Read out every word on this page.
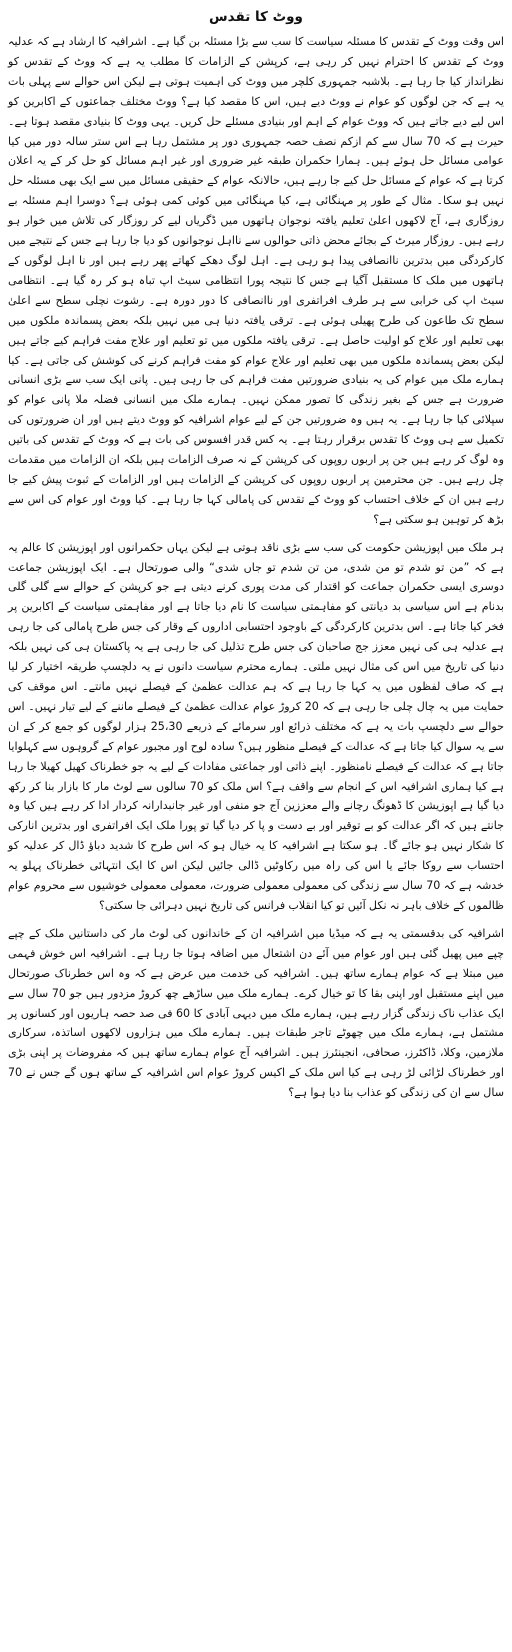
ووٹ کا تقدس

اس وقت ووٹ کے تقدس کا مسئلہ سیاست کا سب سے بڑا مسئلہ بن گیا ہے۔ اشرافیہ کا ارشاد ہے کہ عدلیہ ووٹ کے تقدس کا احترام نہیں کر رہی ہے، کرپشن کے الزامات کا مطلب یہ ہے کہ ووٹ کے تقدس کو نظرانداز کیا جا رہا ہے۔ بلاشبہ جمہوری کلچر میں ووٹ کی اہمیت ہوتی ہے لیکن اس حوالے سے پہلی بات یہ ہے کہ جن لوگوں کو عوام نے ووٹ دیے ہیں، اس کا مقصد کیا ہے؟ ووٹ مختلف جماعتوں کے اکابرین کو اس لیے دیے جاتے ہیں کہ ووٹ عوام کے اہم اور بنیادی مسئلے حل کریں۔ یہی ووٹ کا بنیادی مقصد ہوتا ہے۔ حیرت ہے کہ 70 سال سے کم ازکم نصف حصہ جمہوری دور پر مشتمل رہا ہے اس ستر سالہ دور میں کیا عوامی مسائل حل ہوئے ہیں۔ ہمارا حکمران طبقہ غیر ضروری اور غیر اہم مسائل کو حل کر کے یہ اعلان کرتا ہے کہ عوام کے مسائل حل کیے جا رہے ہیں، حالانکہ عوام کے حقیقی مسائل میں سے ایک بھی مسئلہ حل نہیں ہو سکا۔ مثال کے طور پر مہنگائی ہے، کیا مہنگائی میں کوئی کمی ہوئی ہے؟ دوسرا اہم مسئلہ بے روزگاری ہے، آج لاکھوں اعلیٰ تعلیم یافتہ نوجوان ہاتھوں میں ڈگریاں لیے کر روزگار کی تلاش میں خوار ہو رہے ہیں۔ روزگار میرٹ کے بجائے محض ذاتی حوالوں سے نااہل نوجوانوں کو دیا جا رہا ہے جس کے نتیجے میں کارکردگی میں بدترین ناانصافی پیدا ہو رہی ہے۔ اہل لوگ دھکے کھاتے پھر رہے ہیں اور نا اہل لوگوں کے ہاتھوں میں ملک کا مستقبل آگیا ہے جس کا نتیجہ پورا انتظامی سیٹ اپ تباہ ہو کر رہ گیا ہے۔ انتظامی سیٹ اپ کی خرابی سے ہر طرف افراتفری اور ناانصافی کا دور دورہ ہے۔ رشوت نچلی سطح سے اعلیٰ سطح تک طاعون کی طرح پھیلی ہوئی ہے۔ ترقی یافتہ دنیا ہی میں نہیں بلکہ بعض پسماندہ ملکوں میں بھی تعلیم اور علاج کو اولیت حاصل ہے۔ ترقی یافتہ ملکوں میں تو تعلیم اور علاج مفت فراہم کیے جاتے ہیں لیکن بعض پسماندہ ملکوں میں بھی تعلیم اور علاج عوام کو مفت فراہم کرنے کی کوشش کی جاتی ہے۔ کیا ہمارے ملک میں عوام کی یہ بنیادی ضرورتیں مفت فراہم کی جا رہی ہیں۔ پانی ایک سب سے بڑی انسانی ضرورت ہے جس کے بغیر زندگی کا تصور ممکن نہیں۔ ہمارے ملک میں انسانی فضلہ ملا پانی عوام کو سپلائی کیا جا رہا ہے۔ یہ ہیں وہ ضرورتیں جن کے لیے عوام اشرافیہ کو ووٹ دیتے ہیں اور ان ضرورتوں کی تکمیل سے ہی ووٹ کا تقدس برقرار رہتا ہے۔ یہ کس قدر افسوس کی بات ہے کہ ووٹ کے تقدس کی باتیں وہ لوگ کر رہے ہیں جن پر اربوں روپوں کی کرپشن کے نہ صرف الزامات ہیں بلکہ ان الزامات میں مقدمات چل رہے ہیں۔ جن محترمین پر اربوں روپوں کی کرپشن کے الزامات ہیں اور الزامات کے ثبوت پیش کیے جا رہے ہیں ان کے خلاف احتساب کو ووٹ کے تقدس کی پامالی کہا جا رہا ہے۔ کیا ووٹ اور عوام کی اس سے بڑھ کر توہین ہو سکتی ہے؟

ہر ملک میں اپوزیشن حکومت کی سب سے بڑی ناقد ہوتی ہے لیکن یہاں حکمرانوں اور اپوزیشن کا عالم یہ ہے کہ ”من تو شدم تو من شدی، من تن شدم تو جاں شدی“ والی صورتحال ہے۔ ایک اپوزیشن جماعت دوسری ایسی حکمران جماعت کو اقتدار کی مدت پوری کرنے دیتی ہے جو کرپشن کے حوالے سے گلی گلی بدنام ہے اس سیاسی بد دیانتی کو مفاہمتی سیاست کا نام دیا جاتا ہے اور مفاہمتی سیاست کے اکابرین پر فخر کیا جاتا ہے۔ اس بدترین کارکردگی کے باوجود احتسابی اداروں کے وقار کی جس طرح پامالی کی جا رہی ہے عدلیہ ہی کی نہیں معزز جج صاحبان کی جس طرح تذلیل کی جا رہی ہے یہ پاکستان ہی کی نہیں بلکہ دنیا کی تاریخ میں اس کی مثال نہیں ملتی۔ ہمارے محترم سیاست دانوں نے یہ دلچسپ طریقہ اختیار کر لیا ہے کہ صاف لفظوں میں یہ کہا جا رہا ہے کہ ہم عدالت عظمیٰ کے فیصلے نہیں مانتے۔ اس موقف کی حمایت میں یہ چال چلی جا رہی ہے کہ 20 کروڑ عوام عدالت عظمیٰ کے فیصلے ماننے کے لیے تیار نہیں۔ اس حوالے سے دلچسپ بات یہ ہے کہ مختلف ذرائع اور سرمائے کے ذریعے 25،30 ہزار لوگوں کو جمع کر کے ان سے یہ سوال کیا جاتا ہے کہ عدالت کے فیصلے منظور ہیں؟ سادہ لوح اور مجبور عوام کے گروہوں سے کہلوایا جاتا ہے کہ عدالت کے فیصلے نامنظور۔ اپنے ذاتی اور جماعتی مفادات کے لیے یہ جو خطرناک کھیل کھیلا جا رہا ہے کیا ہماری اشرافیہ اس کے انجام سے واقف ہے؟ اس ملک کو 70 سالوں سے لوٹ مار کا بازار بنا کر رکھ دیا گیا ہے اپوزیشن کا ڈھونگ رچانے والے معززین آج جو منفی اور غیر جانبدارانہ کردار ادا کر رہے ہیں کیا وہ جانتے ہیں کہ اگر عدالت کو بے توقیر اور بے دست و پا کر دیا گیا تو پورا ملک ایک افراتفری اور بدترین انارکی کا شکار نہیں ہو جائے گا۔ ہو سکتا ہے اشرافیہ کا یہ خیال ہو کہ اس طرح کا شدید دباؤ ڈال کر عدلیہ کو احتساب سے روکا جائے یا اس کی راہ میں رکاوٹیں ڈالی جائیں لیکن اس کا ایک انتہائی خطرناک پہلو یہ خدشہ ہے کہ 70 سال سے زندگی کی معمولی معمولی ضرورت، معمولی معمولی خوشیوں سے محروم عوام ظالموں کے خلاف باہر نہ نکل آئیں تو کیا انقلاب فرانس کی تاریخ نہیں دہرائی جا سکتی؟

اشرافیہ کی بدقسمتی یہ ہے کہ میڈیا میں اشرافیہ ان کے خاندانوں کی لوٹ مار کی داستانیں ملک کے چپے چپے میں پھیل گئی ہیں اور عوام میں آئے دن اشتعال میں اضافہ ہوتا جا رہا ہے۔ اشرافیہ اس خوش فہمی میں مبتلا ہے کہ عوام ہمارے ساتھ ہیں۔ اشرافیہ کی خدمت میں عرض ہے کہ وہ اس خطرناک صورتحال میں اپنے مستقبل اور اپنی بقا کا تو خیال کرے۔ ہمارے ملک میں ساڑھے چھ کروڑ مزدور ہیں جو 70 سال سے ایک عذاب ناک زندگی گزار رہے ہیں، ہمارے ملک میں دیہی آبادی کا 60 فی صد حصہ ہاریوں اور کسانوں پر مشتمل ہے، ہمارے ملک میں چھوٹے تاجر طبقات ہیں۔ ہمارے ملک میں ہزاروں لاکھوں اساتذہ، سرکاری ملازمین، وکلا، ڈاکٹرز، صحافی، انجینئرز ہیں۔ اشرافیہ آج عوام ہمارے ساتھ ہیں کہ مفروضات پر اپنی بڑی اور خطرناک لڑائی لڑ رہی ہے کیا اس ملک کے اکیس کروڑ عوام اس اشرافیہ کے ساتھ ہوں گے جس نے 70 سال سے ان کی زندگی کو عذاب بنا دیا ہوا ہے؟
